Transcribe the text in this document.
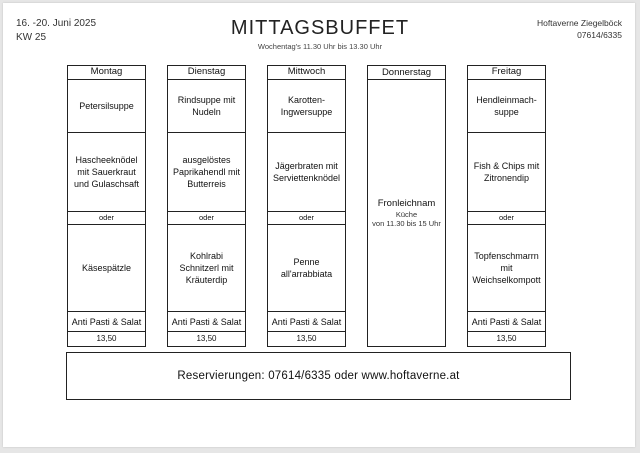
16. -20. Juni 2025
KW 25	MITTAGSBUFFET
Wochentag's 11.30 Uhr bis 13.30 Uhr
Hoftaverne Ziegelböck
07614/6335
Montag
Petersilsuppe
Hascheeknödel mit Sauerkraut und Gulaschsaft
oder
Käsespätzle
Anti Pasti & Salat
13,50
Dienstag
Rindsuppe mit Nudeln
ausgelöstes Paprikahendl mit Butterreis
oder
Kohlrabi Schnitzerl mit Kräuterdip
Anti Pasti & Salat
13,50
Mittwoch
Karotten-Ingwersuppe
Jägerbraten mit Serviettenknödel
oder
Penne all'arrabbiata
Anti Pasti & Salat
13,50
Donnerstag
Fronleichnam
Küche
von 11.30 bis 15 Uhr
Freitag
Hendleinmach-suppe
Fish & Chips mit Zitronendip
oder
Topfenschmarrn mit Weichselkompott
Anti Pasti & Salat
13,50
Reservierungen: 07614/6335 oder www.hoftaverne.at
